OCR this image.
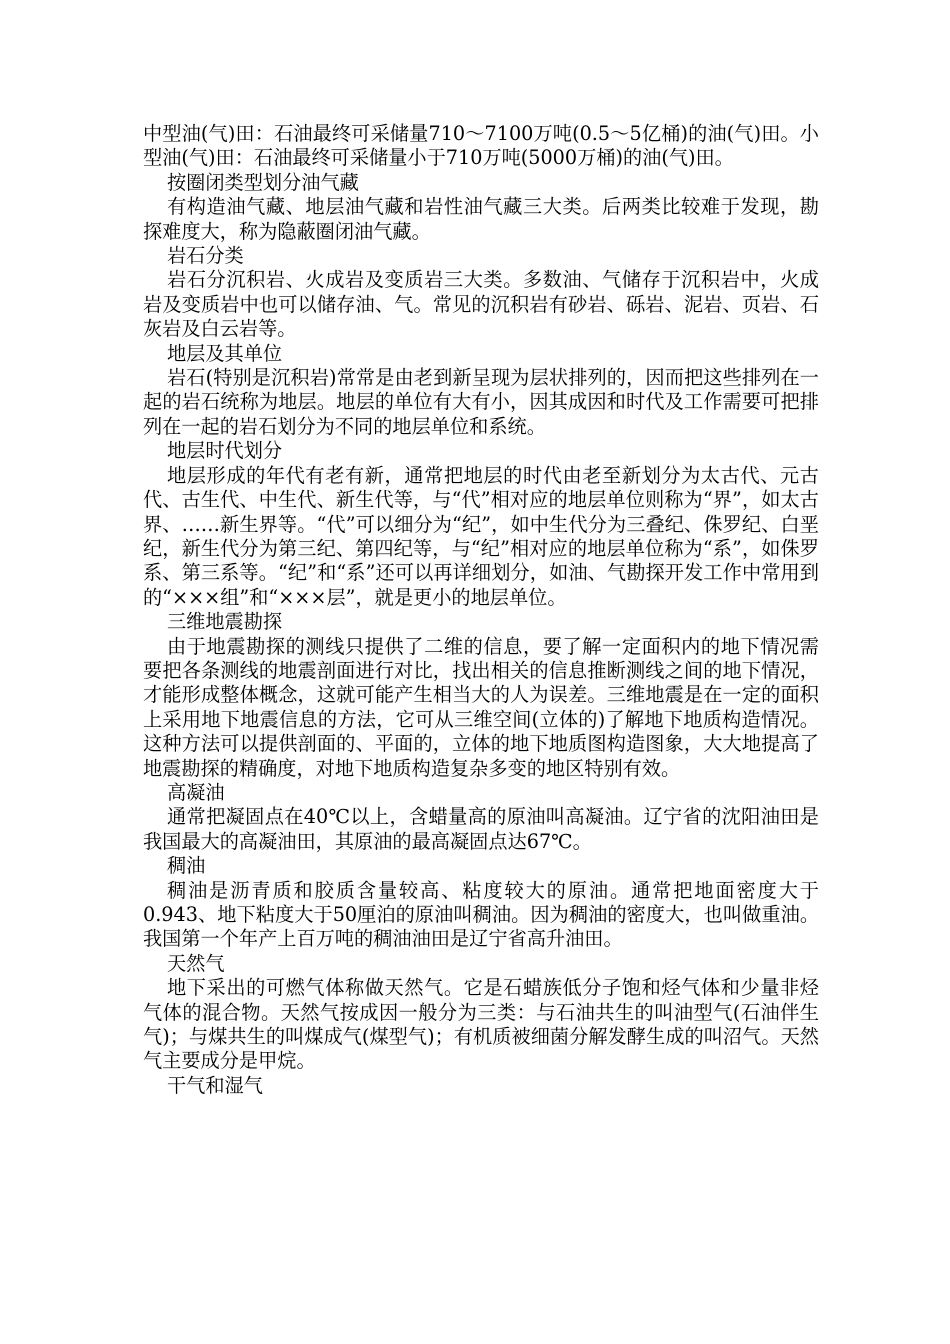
中型油(气)田：石油最终可采储量710～7100万吨(0.5～5亿桶)的油(气)田。小型油(气)田：石油最终可采储量小于710万吨(5000万桶)的油(气)田。

按圈闭类型划分油气藏

有构造油气藏、地层油气藏和岩性油气藏三大类。后两类比较难于发现，勘探难度大，称为隐蔽圈闭油气藏。

岩石分类

岩石分沉积岩、火成岩及变质岩三大类。多数油、气储存于沉积岩中，火成岩及变质岩中也可以储存油、气。常见的沉积岩有砂岩、砾岩、泥岩、页岩、石灰岩及白云岩等。

地层及其单位

岩石(特别是沉积岩)常常是由老到新呈现为层状排列的，因而把这些排列在一起的岩石统称为地层。地层的单位有大有小，因其成因和时代及工作需要可把排列在一起的岩石划分为不同的地层单位和系统。

地层时代划分

地层形成的年代有老有新，通常把地层的时代由老至新划分为太古代、元古代、古生代、中生代、新生代等，与“代”相对应的地层单位则称为“界”，如太古界、……新生界等。“代”可以细分为“纪”，如中生代分为三叠纪、侏罗纪、白垩纪，新生代分为第三纪、第四纪等，与“纪”相对应的地层单位称为“系”，如侏罗系、第三系等。“纪”和“系”还可以再详细划分，如油、气勘探开发工作中常用到的“×××组”和“×××层”，就是更小的地层单位。

三维地震勘探

由于地震勘探的测线只提供了二维的信息，要了解一定面积内的地下情况需要把各条测线的地震剖面进行对比，找出相关的信息推断测线之间的地下情况，才能形成整体概念，这就可能产生相当大的人为误差。三维地震是在一定的面积上采用地下地震信息的方法，它可从三维空间(立体的)了解地下地质构造情况。这种方法可以提供剖面的、平面的，立体的地下地质图构造图象，大大地提高了地震勘探的精确度，对地下地质构造复杂多变的地区特别有效。

高凝油

通常把凝固点在40℃以上，含蜡量高的原油叫高凝油。辽宁省的沈阳油田是我国最大的高凝油田，其原油的最高凝固点达67℃。

稠油

稠油是沥青质和胶质含量较高、粘度较大的原油。通常把地面密度大于0.943、地下粘度大于50厘泊的原油叫稠油。因为稠油的密度大，也叫做重油。我国第一个年产上百万吨的稠油油田是辽宁省高升油田。

天然气

地下采出的可燃气体称做天然气。它是石蜡族低分子饱和烃气体和少量非烃气体的混合物。天然气按成因一般分为三类：与石油共生的叫油型气(石油伴生气)；与煤共生的叫煤成气(煤型气)；有机质被细菌分解发酵生成的叫沼气。天然气主要成分是甲烷。

干气和湿气
